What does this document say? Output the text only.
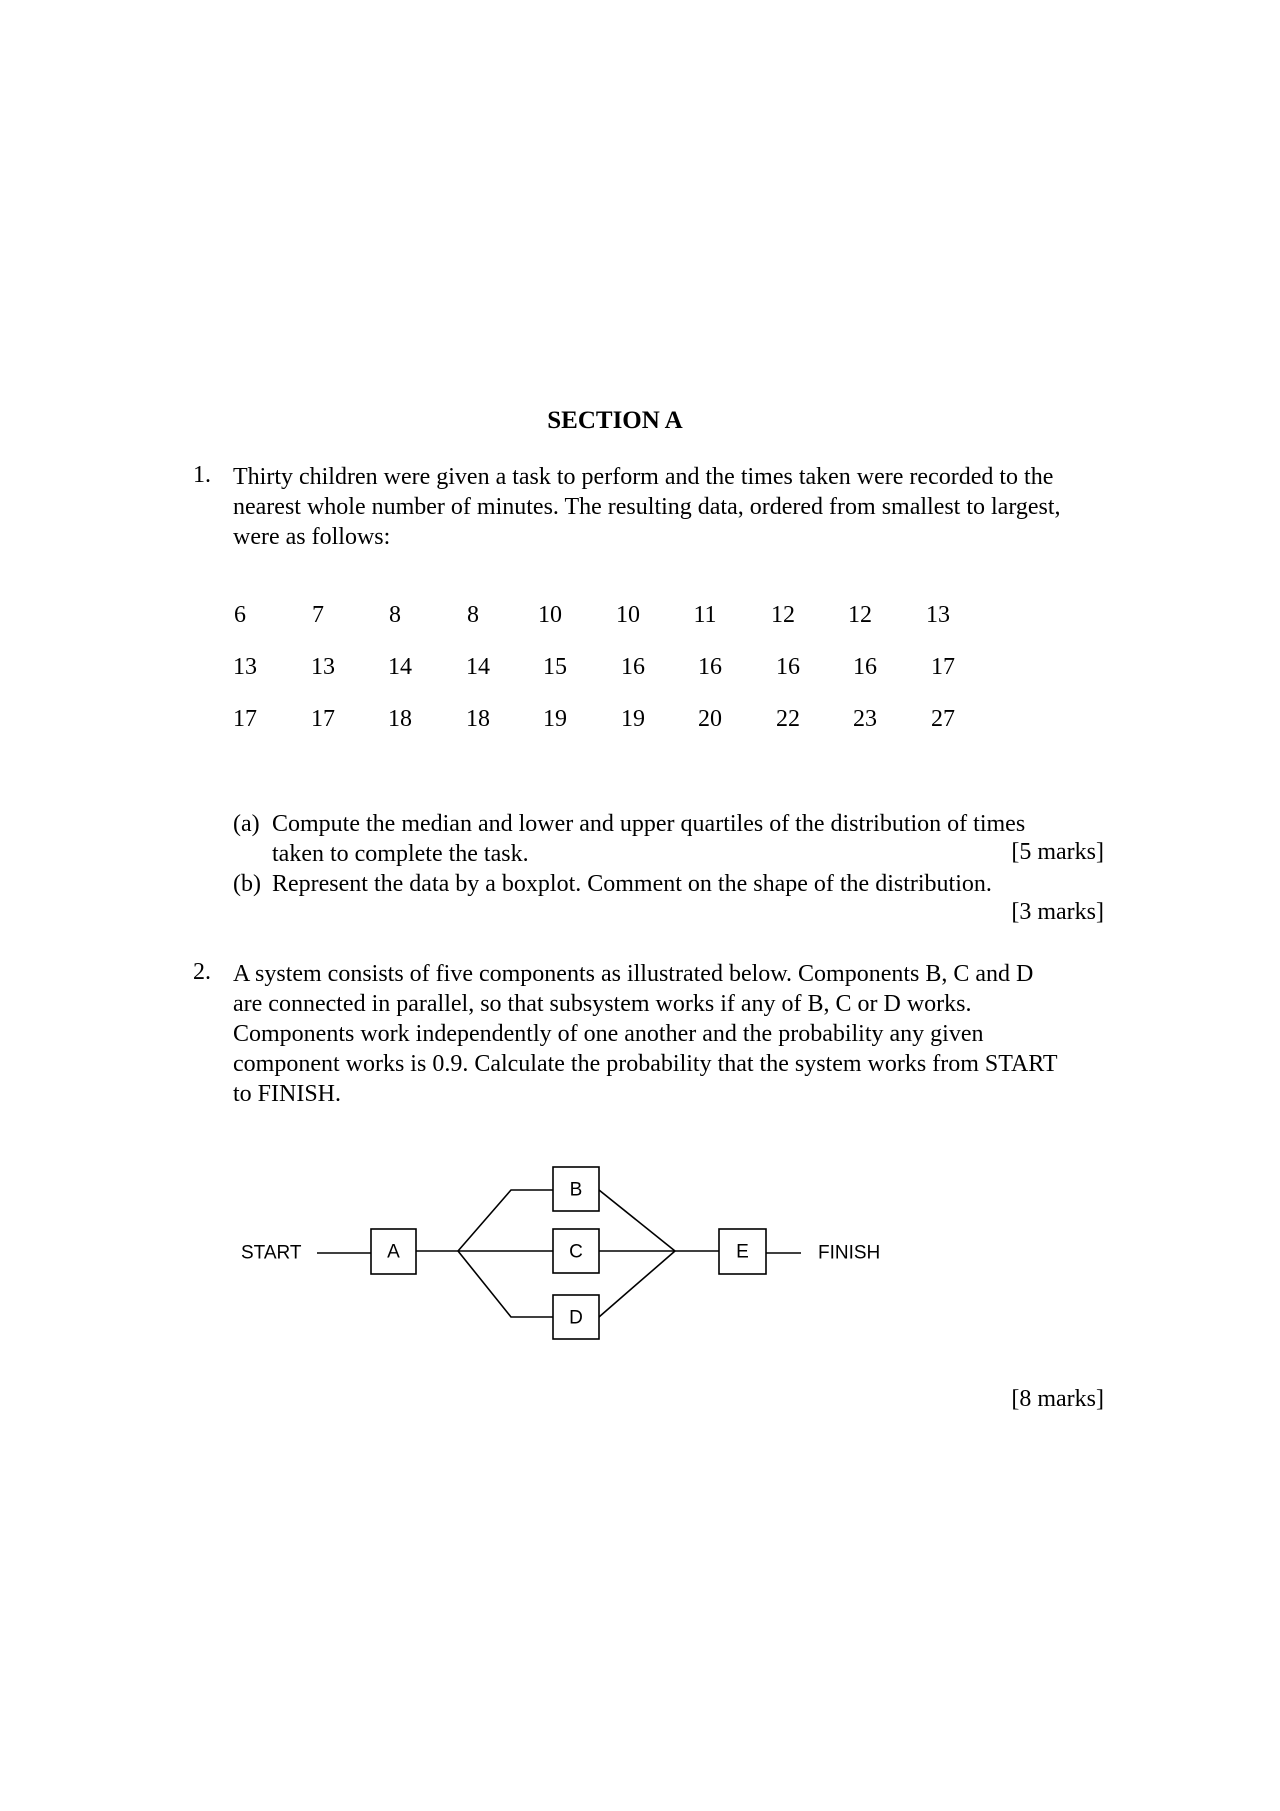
SECTION A
1. Thirty children were given a task to perform and the times taken were recorded to the
nearest whole number of minutes. The resulting data, ordered from smallest to largest,
were as follows:
6	7	8	8	10	10	11	12	12	13
13	13	14	14	15	16	16	16	16	17
17	17	18	18	19	19	20	22	23	27
(a) Compute the median and lower and upper quartiles of the distribution of times
taken to complete the task.	[5 marks]
(b) Represent the data by a boxplot. Comment on the shape of the distribution.
[3 marks]
2. A system consists of five components as illustrated below. Components B, C and D
are connected in parallel, so that subsystem works if any of B, C or D works.
Components work independently of one another and the probability any given
component works is 0.9. Calculate the probability that the system works from START
to FINISH.
A
B
C
D
E
START	FINISH
[8 marks]
